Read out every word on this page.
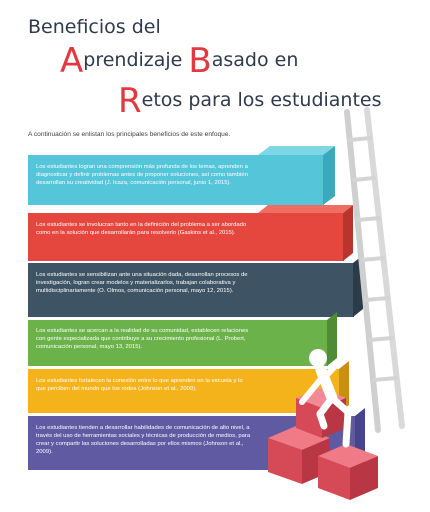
Beneficios del
Aprendizaje Basado en
Retos para los estudiantes
A continuación se enlistan los principales beneficios de este enfoque.
Los estudiantes logran una comprensión más profunda de los temas, aprenden a diagnosticar y definir problemas antes de proponer soluciones, así como también desarrollan su creatividad (J. Icaza, comunicación personal, junio 1, 2015).
Los estudiantes se involucran tanto en la definición del problema a ser abordado como en la solución que desarrollarán para resolverlo (Gaskins et al., 2015).
Los estudiantes se sensibilizan ante una situación dada, desarrollan procesos de investigación, logran crear modelos y materializarlos, trabajan colaborativa y multidisciplinariamente (O. Olmos, comunicación personal, mayo 12, 2015).
Los estudiantes se acercan a la realidad de su comunidad, establecen relaciones con gente especializada que contribuye a su crecimiento profesional (L. Probert, comunicación personal, mayo 13, 2015).
Los estudiantes fortalecen la conexión entre lo que aprenden en la escuela y lo que perciben del mundo que los rodea (Johnson et al., 2009).
Los estudiantes tienden a desarrollar habilidades de comunicación de alto nivel, a través del uso de herramientas sociales y técnicas de producción de medios, para crear y compartir las soluciones desarrolladas por ellos mismos (Johnson et al., 2009).
